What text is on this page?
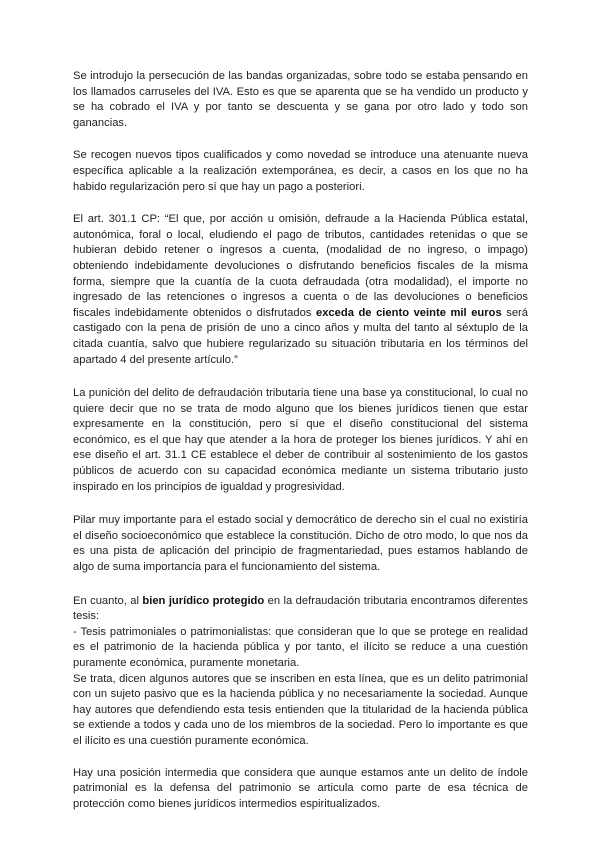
Se introdujo la persecución de las bandas organizadas, sobre todo se estaba pensando en los llamados carruseles del IVA. Esto es que se aparenta que se ha vendido un producto y se ha cobrado el IVA y por tanto se descuenta y se gana por otro lado y todo son ganancias.

Se recogen nuevos tipos cualificados y como novedad se introduce una atenuante nueva específica aplicable a la realización extemporánea, es decir, a casos en los que no ha habido regularización pero sí que hay un pago a posteriori.

El art. 301.1 CP: “El que, por acción u omisión, defraude a la Hacienda Pública estatal, autonómica, foral o local, eludiendo el pago de tributos, cantidades retenidas o que se hubieran debido retener o ingresos a cuenta, (modalidad de no ingreso, o impago) obteniendo indebidamente devoluciones o disfrutando beneficios fiscales de la misma forma, siempre que la cuantía de la cuota defraudada (otra modalidad), el importe no ingresado de las retenciones o ingresos a cuenta o de las devoluciones o beneficios fiscales indebidamente obtenidos o disfrutados exceda de ciento veinte mil euros será castigado con la pena de prisión de uno a cinco años y multa del tanto al séxtuplo de la citada cuantía, salvo que hubiere regularizado su situación tributaria en los términos del apartado 4 del presente artículo.”

La punición del delito de defraudación tributaria tiene una base ya constitucional, lo cual no quiere decir que no se trata de modo alguno que los bienes jurídicos tienen que estar expresamente en la constitución, pero sí que el diseño constitucional del sistema económico, es el que hay que atender a la hora de proteger los bienes jurídicos. Y ahí en ese diseño el art. 31.1 CE establece el deber de contribuir al sostenimiento de los gastos públicos de acuerdo con su capacidad económica mediante un sistema tributario justo inspirado en los principios de igualdad y progresividad.

Pilar muy importante para el estado social y democrático de derecho sin el cual no existiría el diseño socioeconómico que establece la constitución. Dicho de otro modo, lo que nos da es una pista de aplicación del principio de fragmentariedad, pues estamos hablando de algo de suma importancia para el funcionamiento del sistema.

En cuanto, al bien jurídico protegido en la defraudación tributaria encontramos diferentes tesis:
- Tesis patrimoniales o patrimonialistas: que consideran que lo que se protege en realidad es el patrimonio de la hacienda pública y por tanto, el ilícito se reduce a una cuestión puramente económica, puramente monetaria.
Se trata, dicen algunos autores que se inscriben en esta línea, que es un delito patrimonial con un sujeto pasivo que es la hacienda pública y no necesariamente la sociedad. Aunque hay autores que defendiendo esta tesis entienden que la titularidad de la hacienda pública se extiende a todos y cada uno de los miembros de la sociedad. Pero lo importante es que el ilícito es una cuestión puramente económica.

Hay una posición intermedia que considera que aunque estamos ante un delito de índole patrimonial es la defensa del patrimonio se articula como parte de esa técnica de protección como bienes jurídicos intermedios espiritualizados.
